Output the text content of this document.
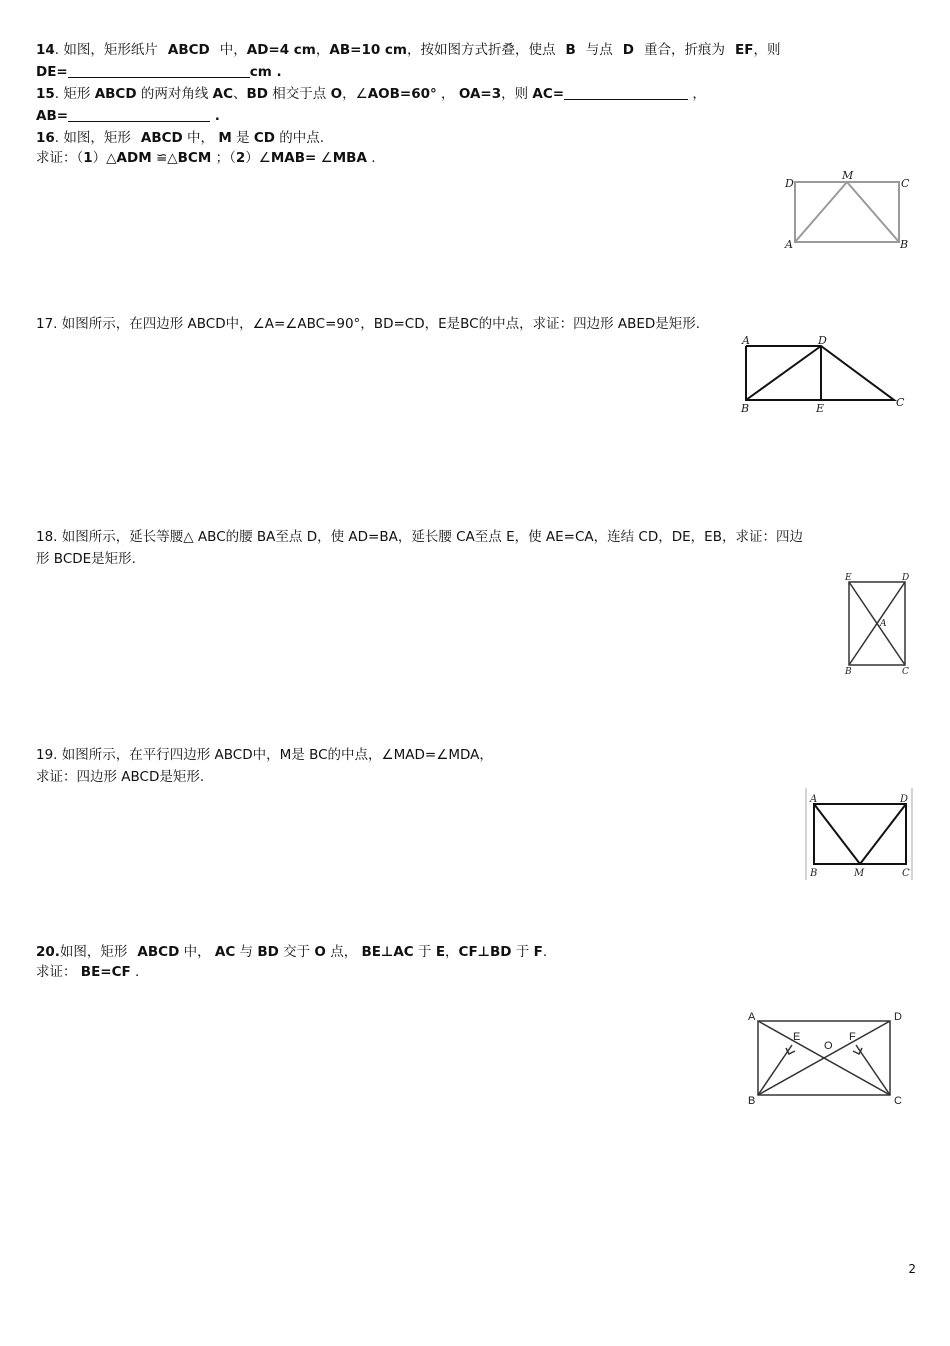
14. 如图，矩形纸片 ABCD 中，AD=4 cm，AB=10 cm，按如图方式折叠，使点 B 与点 D 重合，折痕为 EF，则
DE=	cm .
15. 矩形 ABCD 的两对角线 AC、BD 相交于点 O，∠AOB=60° ， OA=3，则 AC=	，
AB=	.
16. 如图，矩形 ABCD 中， M 是 CD 的中点.
求证：（1）△ADM ≌△BCM ；（2）∠MAB= ∠MBA .
D
M
C
A	B
17. 如图所示，在四边形 ABCD中，∠A=∠ABC=90°，BD=CD，E是BC的中点，求证：四边形 ABED是矩形.
A	D
B	E	C
18. 如图所示，延长等腰△ ABC的腰 BA至点 D，使 AD=BA，延长腰 CA至点 E，使 AE=CA，连结 CD，DE，EB，求证：四边
形 BCDE是矩形.
E	D
A
B	C
19. 如图所示，在平行四边形 ABCD中，M是 BC的中点，∠MAD=∠MDA，
求证：四边形 ABCD是矩形.
A	D
B	M	C
20.如图，矩形 ABCD 中， AC 与 BD 交于 O 点， BE⊥AC 于 E，CF⊥BD 于 F.
求证： BE=CF .
A	D
B	C
E	F
O
2
